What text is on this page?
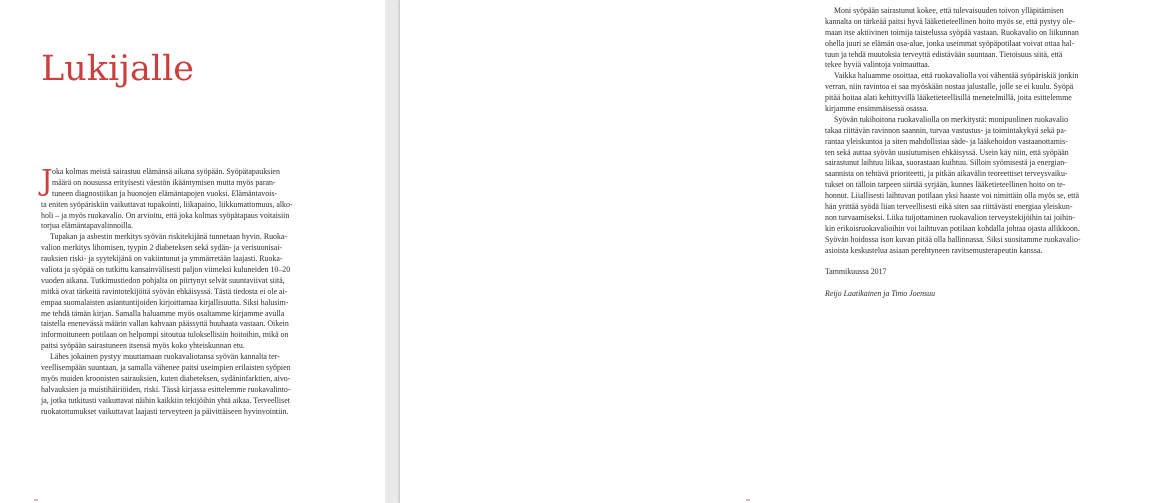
Lukijalle
J oka kolmas meistä sairastuu elämänsä aikana syöpään. Syöpätapauksien
määrä on nousussa erityisesti väestön ikääntymisen mutta myös paran-
tuneen diagnostiikan ja huonojen elämäntapojen vuoksi. Elämäntavois-
ta eniten syöpäriskiin vaikuttavat tupakointi, liikapaino, liikkumattomuus, alko-
holi – ja myös ruokavalio. On arvioitu, että joka kolmas syöpätapaus voitaisiin
torjua elämäntapavalinnoilla.
Tupakan ja asbestin merkitys syövän riskitekijänä tunnetaan hyvin. Ruoka-
valion merkitys lihomisen, tyypin 2 diabeteksen sekä sydän- ja verisuonisai-
rauksien riski- ja syytekijänä on vakiintunut ja ymmärretään laajasti. Ruoka-
valiota ja syöpää on tutkittu kansainvälisesti paljon viimeksi kuluneiden 10–20
vuoden aikana. Tutkimustiedon pohjalta on piirtynyt selvät suuntaviivat siitä,
mitkä ovat tärkeitä ravintotekijöitä syövän ehkäisyssä. Tästä tiedosta ei ole ai-
empaa suomalaisten asiantuntijoiden kirjoittamaa kirjallisuutta. Siksi halusim-
me tehdä tämän kirjan. Samalla haluamme myös osaltamme kirjamme avulla
taistella enenevässä määrin vallan kahvaan päässyttä huuhaata vastaan. Oikein
informoituneen potilaan on helpompi sitoutua tuloksellisiin hoitoihin, mikä on
paitsi syöpään sairastuneen itsensä myös koko yhteiskunnan etu.
Lähes jokainen pystyy muuttamaan ruokavaliotansa syövän kannalta ter-
veellisempään suuntaan, ja samalla vähenee paitsi useimpien erilaisten syöpien
myös muiden kroonisten sairauksien, kuten diabeteksen, sydäninfarktien, aivo-
halvauksien ja muistihäiriöiden, riski. Tässä kirjassa esittelemme ruokavalinto-
ja, jotka tutkitusti vaikuttavat näihin kaikkiin tekijöihin yhtä aikaa. Terveelliset
ruokatottumukset vaikuttavat laajasti terveyteen ja päivittäiseen hyvinvointiin.
Moni syöpään sairastunut kokee, että tulevaisuuden toivon ylläpitämisen
kannalta on tärkeää paitsi hyvä lääketieteellinen hoito myös se, että pystyy ole-
maan itse aktiivinen toimija taistelussa syöpää vastaan. Ruokavalio on liikunnan
ohella juuri se elämän osa-alue, jonka useimmat syöpäpotilaat voivat ottaa hal-
tuun ja tehdä muutoksia terveyttä edistävään suuntaan. Tietoisuus siitä, että
tekee hyviä valintoja voimauttaa.
Vaikka haluamme osoittaa, että ruokavaliolla voi vähentää syöpäriskiä jonkin
verran, niin ravintoa ei saa myöskään nostaa jalustalle, jolle se ei kuulu. Syöpä
pitää hoitaa alati kehittyvillä lääketieteellisillä menetelmillä, joita esittelemme
kirjamme ensimmäisessä osassa.
Syövän tukihoitona ruokavaliolla on merkitystä: monipuolinen ruokavalio
takaa riittävän ravinnon saannin, turvaa vastustus- ja toimintakykyä sekä pa-
rantaa yleiskuntoa ja siten mahdollistaa säde- ja lääkehoidon vastaanottamis-
ten sekä auttaa syövän uusiutumisen ehkäisyssä. Usein käy niin, että syöpään
sairastunut laihtuu liikaa, suorastaan kuihtuu. Silloin syömisestä ja energian-
saannista on tehtävä prioriteetti, ja pitkän aikavälin teoreettiset terveysvaiku-
tukset on tälloin tarpeen siirtää syrjään, kunnes lääketieteellinen hoito on te-
honnut. Liiallisesti laihtuvan potilaan yksi haaste voi nimittäin olla myös se, että
hän yrittää syödä liian terveellisesti eikä siten saa riittävästi energiaa yleiskun-
non turvaamiseksi. Liika tuijottaminen ruokavalion terveystekijöihin tai joihin-
kin erikoisruokavalioihin voi laihtuvan potilaan kohdalla johtaa ojasta allikkoon.
Syövän hoidossa ison kuvan pitää olla hallinnassa. Siksi suositamme ruokavalio-
asioista keskustelua asiaan perehtyneen ravitsemusterapeutin kanssa.
Tammikuussa 2017
Reijo Laatikainen ja Timo Joensuu
